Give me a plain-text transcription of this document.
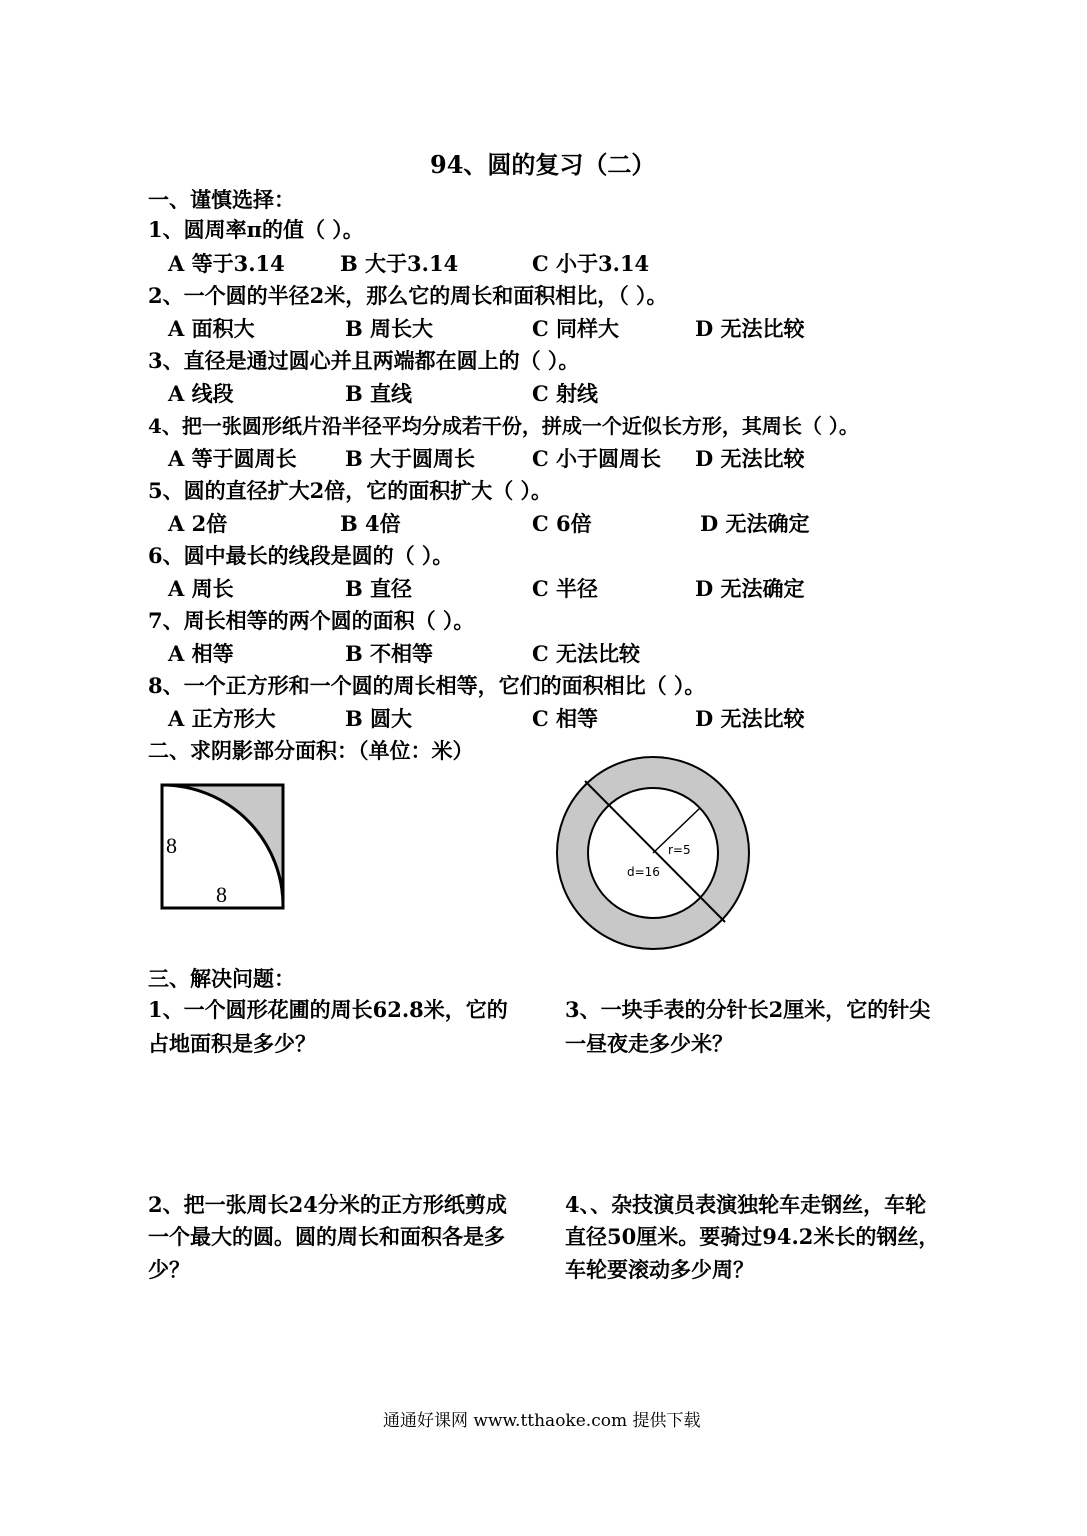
94、圆的复习（二）
一、谨慎选择：
1、圆周率π的值（ ）。
A 等于3.14	B 大于3.14	C 小于3.14
2、一个圆的半径2米，那么它的周长和面积相比，（ ）。
A 面积大	B 周长大	C 同样大	D 无法比较
3、直径是通过圆心并且两端都在圆上的（ ）。
A 线段	B 直线	C 射线
4、把一张圆形纸片沿半径平均分成若干份，拼成一个近似长方形，其周长（ ）。
A 等于圆周长 B 大于圆周长	C 小于圆周长 D 无法比较
5、圆的直径扩大2倍，它的面积扩大（ ）。
A 2倍	B 4倍	C 6倍	D 无法确定
6、圆中最长的线段是圆的（ ）。
A 周长	B 直径	C 半径	D 无法确定
7、周长相等的两个圆的面积（ ）。
A 相等	B 不相等	C 无法比较
8、一个正方形和一个圆的周长相等，它们的面积相比（ ）。
A 正方形大	B 圆大	C 相等	D 无法比较
二、求阴影部分面积：（单位：米）
8
8
r=5
d=16
三、解决问题：
1、一个圆形花圃的周长62.8米，它的
占地面积是多少？
3、一块手表的分针长2厘米，它的针尖
一昼夜走多少米？
2、把一张周长24分米的正方形纸剪成
一个最大的圆。圆的周长和面积各是多
少？
4、、杂技演员表演独轮车走钢丝，车轮
直径50厘米。要骑过94.2米长的钢丝，
车轮要滚动多少周？
通通好课网 www.tthaoke.com 提供下载
